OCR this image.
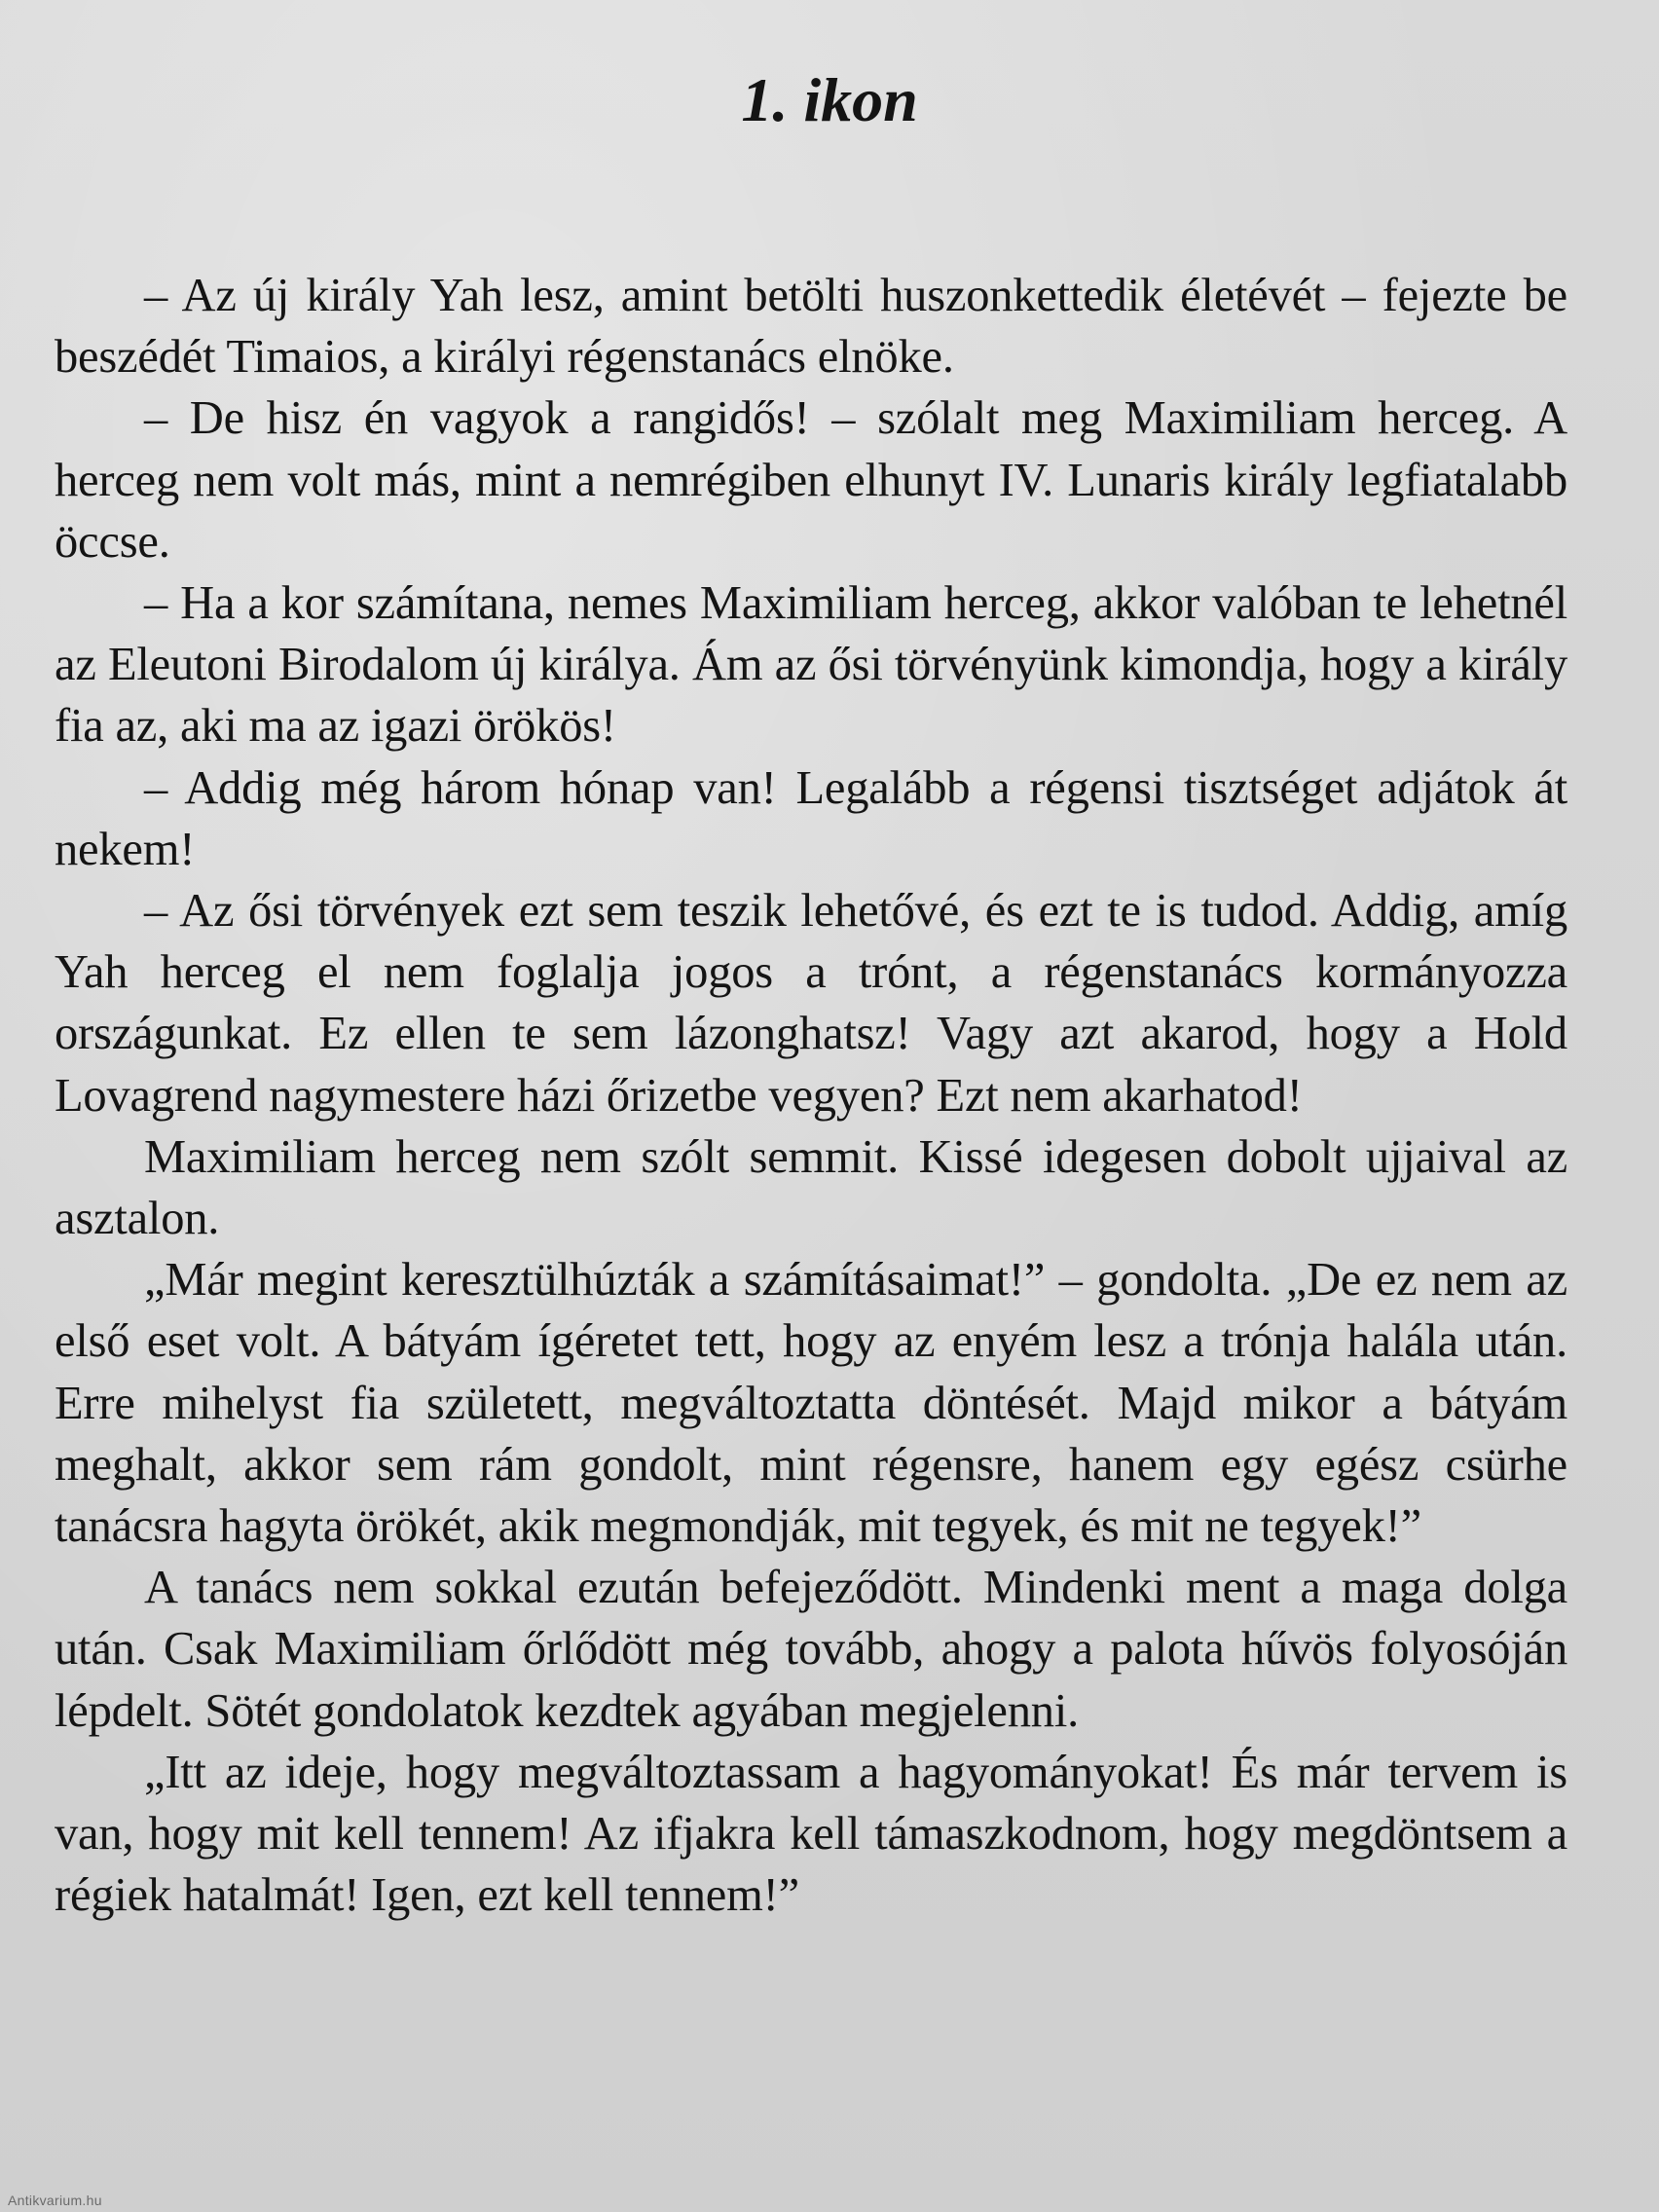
1. ikon

– Az új király Yah lesz, amint betölti huszonkettedik életévét – fejezte be beszédét Timaios, a királyi régenstanács elnöke.

– De hisz én vagyok a rangidős! – szólalt meg Maximiliam herceg. A herceg nem volt más, mint a nemrégiben elhunyt IV. Lunaris király legfiatalabb öccse.

– Ha a kor számítana, nemes Maximiliam herceg, akkor valóban te lehetnél az Eleutoni Birodalom új királya. Ám az ősi törvényünk kimondja, hogy a király fia az, aki ma az igazi örökös!

– Addig még három hónap van! Legalább a régensi tisztséget adjátok át nekem!

– Az ősi törvények ezt sem teszik lehetővé, és ezt te is tudod. Addig, amíg Yah herceg el nem foglalja jogos a trónt, a régenstanács kormányozza országunkat. Ez ellen te sem lázonghatsz! Vagy azt akarod, hogy a Hold Lovagrend nagymestere házi őrizetbe vegyen? Ezt nem akarhatod!

Maximiliam herceg nem szólt semmit. Kissé idegesen dobolt ujjaival az asztalon.

„Már megint keresztülhúzták a számításaimat!” – gondolta. „De ez nem az első eset volt. A bátyám ígéretet tett, hogy az enyém lesz a trónja halála után. Erre mihelyst fia született, megváltoztatta döntését. Majd mikor a bátyám meghalt, akkor sem rám gondolt, mint régensre, hanem egy egész csürhe tanácsra hagyta örökét, akik megmondják, mit tegyek, és mit ne tegyek!”

A tanács nem sokkal ezután befejeződött. Mindenki ment a maga dolga után. Csak Maximiliam őrlődött még tovább, ahogy a palota hűvös folyosóján lépdelt. Sötét gondolatok kezdtek agyában megjelenni.

„Itt az ideje, hogy megváltoztassam a hagyományokat! És már tervem is van, hogy mit kell tennem! Az ifjakra kell támaszkodnom, hogy megdöntsem a régiek hatalmát! Igen, ezt kell tennem!”

Antikvarium.hu
